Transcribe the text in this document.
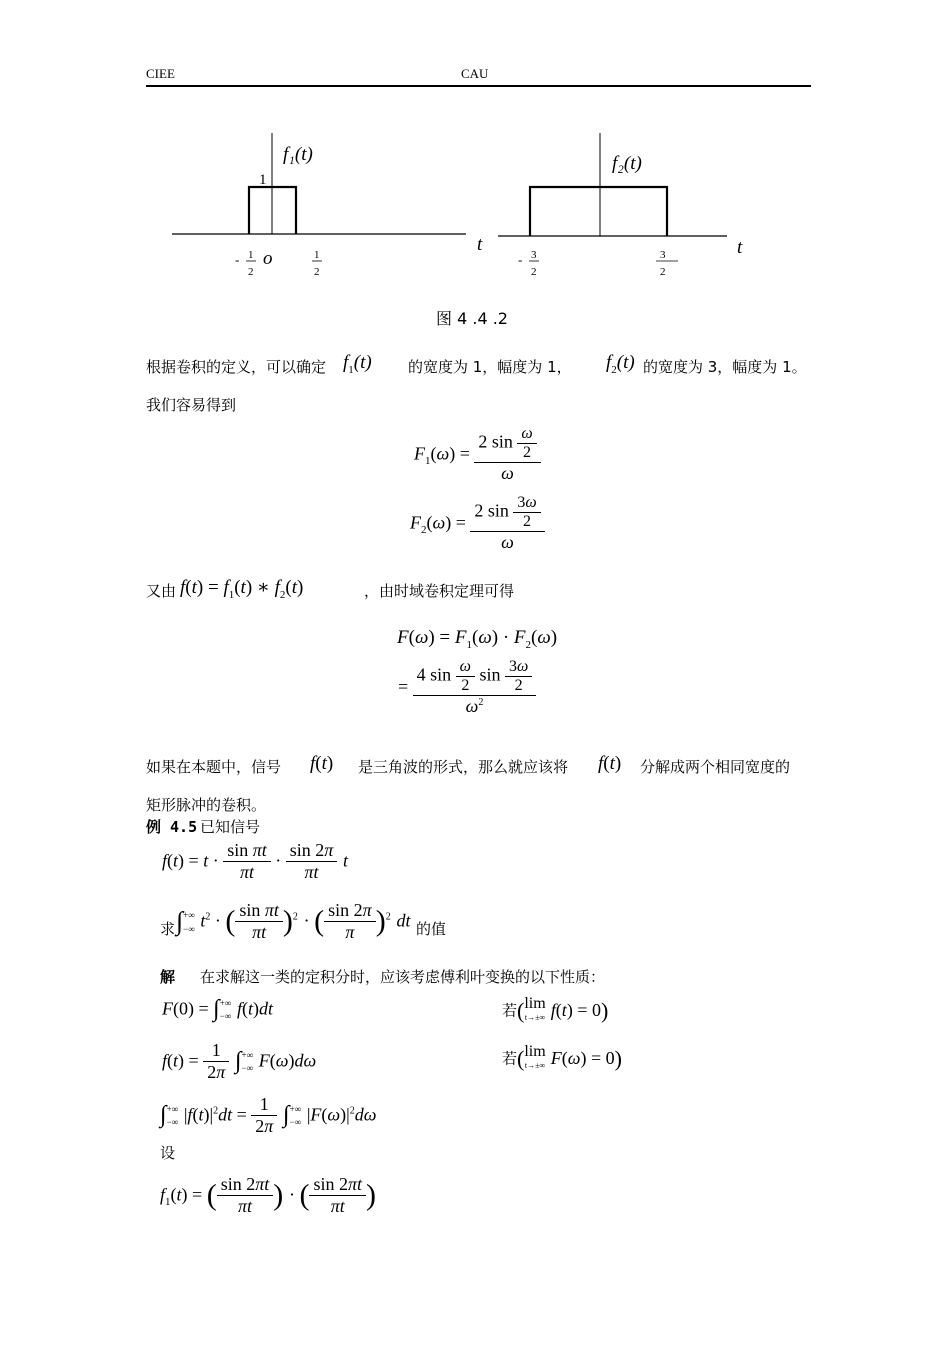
CIEE	CAU
f₁(t)
1
t
o
- 1
2
1
2
f₂(t)
t
- 3
2
3
2
图 4 .4 .2
根据卷积的定义，可以确定 $f_1(t)$ 的宽度为 1，幅度为 1， $f_2(t)$ 的宽度为 3，幅度为 1。
我们容易得到
$F_1(\omega) = \frac{2 \sin \frac{\omega}{2}}{\omega}$
$F_2(\omega) = \frac{2 \sin \frac{3\omega}{2}}{\omega}$
又由 $f(t) = f_1(t)$ ∗ $f_2(t)$	，由时域卷积定理可得
$F(\omega) = F_1(\omega) \cdot F_2(\omega)$
= $\frac{4 \sin \frac{\omega}{2} \sin \frac{3\omega}{2}}{\omega^2}$
如果在本题中，信号 f(t) 是三角波的形式，那么就应该将 f(t) 分解成两个相同宽度的
矩形脉冲的卷积。
例 4.5 已知信号
$f(t) = t \cdot \frac{\text{sin πt}}{\pi t} \cdot \frac{\sin 2\pi}{\pi t}$ t
求 ∫+∞
−∞ $t^2$ · ( $\frac{\text{sin πt}}{\pi t} )^2$ · ( $\frac{\sin 2\pi}{\pi} )^2$ dt 的值
解 在求解这一类的定积分时，应该考虑傅利叶变换的以下性质：
F(0) = ∫+∞
−∞ f(t)dt	若(lim
t→±∞ f(t) = 0)
$f(t) = \frac{1}{2\pi}$ ∫+∞
−∞ F(ω)dω	若(lim
t→±∞ F(ω) = 0)
∫+∞
−∞ $|f(t)|^2dt = \frac{1}{2\pi}$ ∫+∞
−∞ $|F(\omega)|^2d\omega$
设
$f_1(t)$ = ( $\frac{\sin 2\pi t}{\pi t}$ ) · ( $\frac{\sin 2\pi t}{\pi t}$ )
